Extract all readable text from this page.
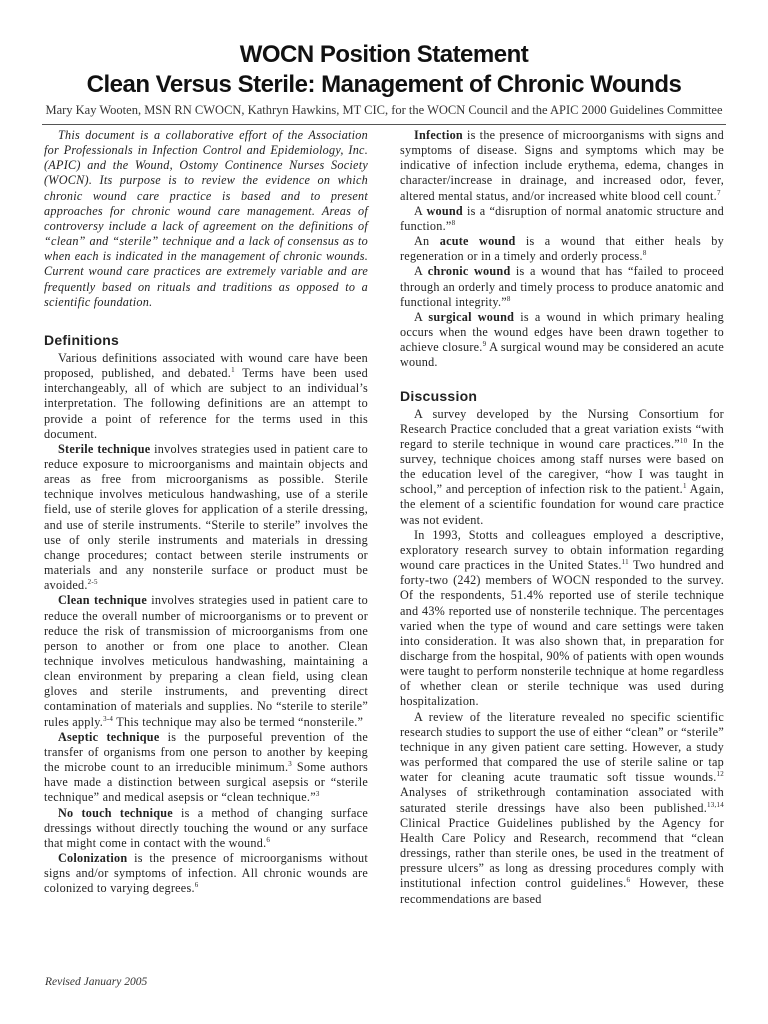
WOCN Position Statement
Clean Versus Sterile: Management of Chronic Wounds
Mary Kay Wooten, MSN RN CWOCN, Kathryn Hawkins, MT CIC, for the WOCN Council and the APIC 2000 Guidelines Committee

This document is a collaborative effort of the Association for Professionals in Infection Control and Epidemiology, Inc. (APIC) and the Wound, Ostomy Continence Nurses Society (WOCN). Its purpose is to review the evidence on which chronic wound care practice is based and to present approaches for chronic wound care management. Areas of controversy include a lack of agreement on the definitions of “clean” and “sterile” technique and a lack of consensus as to when each is indicated in the management of chronic wounds. Current wound care practices are extremely variable and are frequently based on rituals and traditions as opposed to a scientific foundation.

Definitions

Various definitions associated with wound care have been proposed, published, and debated.$^1$ Terms have been used interchangeably, all of which are subject to an individual’s interpretation. The following definitions are an attempt to provide a point of reference for the terms used in this document.

Sterile technique involves strategies used in patient care to reduce exposure to microorganisms and maintain objects and areas as free from microorganisms as possible. Sterile technique involves meticulous handwashing, use of a sterile field, use of sterile gloves for application of a sterile dressing, and use of sterile instruments. “Sterile to sterile” involves the use of only sterile instruments and materials in dressing change procedures; contact between sterile instruments or materials and any nonsterile surface or product must be avoided.$^{2-5}$

Clean technique involves strategies used in patient care to reduce the overall number of microorganisms or to prevent or reduce the risk of transmission of microorganisms from one person to another or from one place to another. Clean technique involves meticulous handwashing, maintaining a clean environment by preparing a clean field, using clean gloves and sterile instruments, and preventing direct contamination of materials and supplies. No “sterile to sterile” rules apply.$^{3-4}$ This technique may also be termed “nonsterile.”

Aseptic technique is the purposeful prevention of the transfer of organisms from one person to another by keeping the microbe count to an irreducible minimum.$^3$ Some authors have made a distinction between surgical asepsis or “sterile technique” and medical asepsis or “clean technique.”$^3$

No touch technique is a method of changing surface dressings without directly touching the wound or any surface that might come in contact with the wound.$^6$

Colonization is the presence of microorganisms without signs and/or symptoms of infection. All chronic wounds are colonized to varying degrees.$^6$

Infection is the presence of microorganisms with signs and symptoms of disease. Signs and symptoms which may be indicative of infection include erythema, edema, changes in character/increase in drainage, and increased odor, fever, altered mental status, and/or increased white blood cell count.$^7$

A wound is a “disruption of normal anatomic structure and function.”$^8$

An acute wound is a wound that either heals by regeneration or in a timely and orderly process.$^8$

A chronic wound is a wound that has “failed to proceed through an orderly and timely process to produce anatomic and functional integrity.”$^8$

A surgical wound is a wound in which primary healing occurs when the wound edges have been drawn together to achieve closure.$^9$ A surgical wound may be considered an acute wound.

Discussion

A survey developed by the Nursing Consortium for Research Practice concluded that a great variation exists “with regard to sterile technique in wound care practices.”$^{10}$ In the survey, technique choices among staff nurses were based on the education level of the caregiver, “how I was taught in school,” and perception of infection risk to the patient.$^1$ Again, the element of a scientific foundation for wound care practice was not evident.

In 1993, Stotts and colleagues employed a descriptive, exploratory research survey to obtain information regarding wound care practices in the United States.$^{11}$ Two hundred and forty-two (242) members of WOCN responded to the survey. Of the respondents, 51.4% reported use of sterile technique and 43% reported use of nonsterile technique. The percentages varied when the type of wound and care settings were taken into consideration. It was also shown that, in preparation for discharge from the hospital, 90% of patients with open wounds were taught to perform nonsterile technique at home regardless of whether clean or sterile technique was used during hospitalization.

A review of the literature revealed no specific scientific research studies to support the use of either “clean” or “sterile” technique in any given patient care setting. However, a study was performed that compared the use of sterile saline or tap water for cleaning acute traumatic soft tissue wounds.$^{12}$ Analyses of strikethrough contamination associated with saturated sterile dressings have also been published.$^{13,14}$ Clinical Practice Guidelines published by the Agency for Health Care Policy and Research, recommend that “clean dressings, rather than sterile ones, be used in the treatment of pressure ulcers” as long as dressing procedures comply with institutional infection control guidelines.$^6$ However, these recommendations are based

Revised January 2005
